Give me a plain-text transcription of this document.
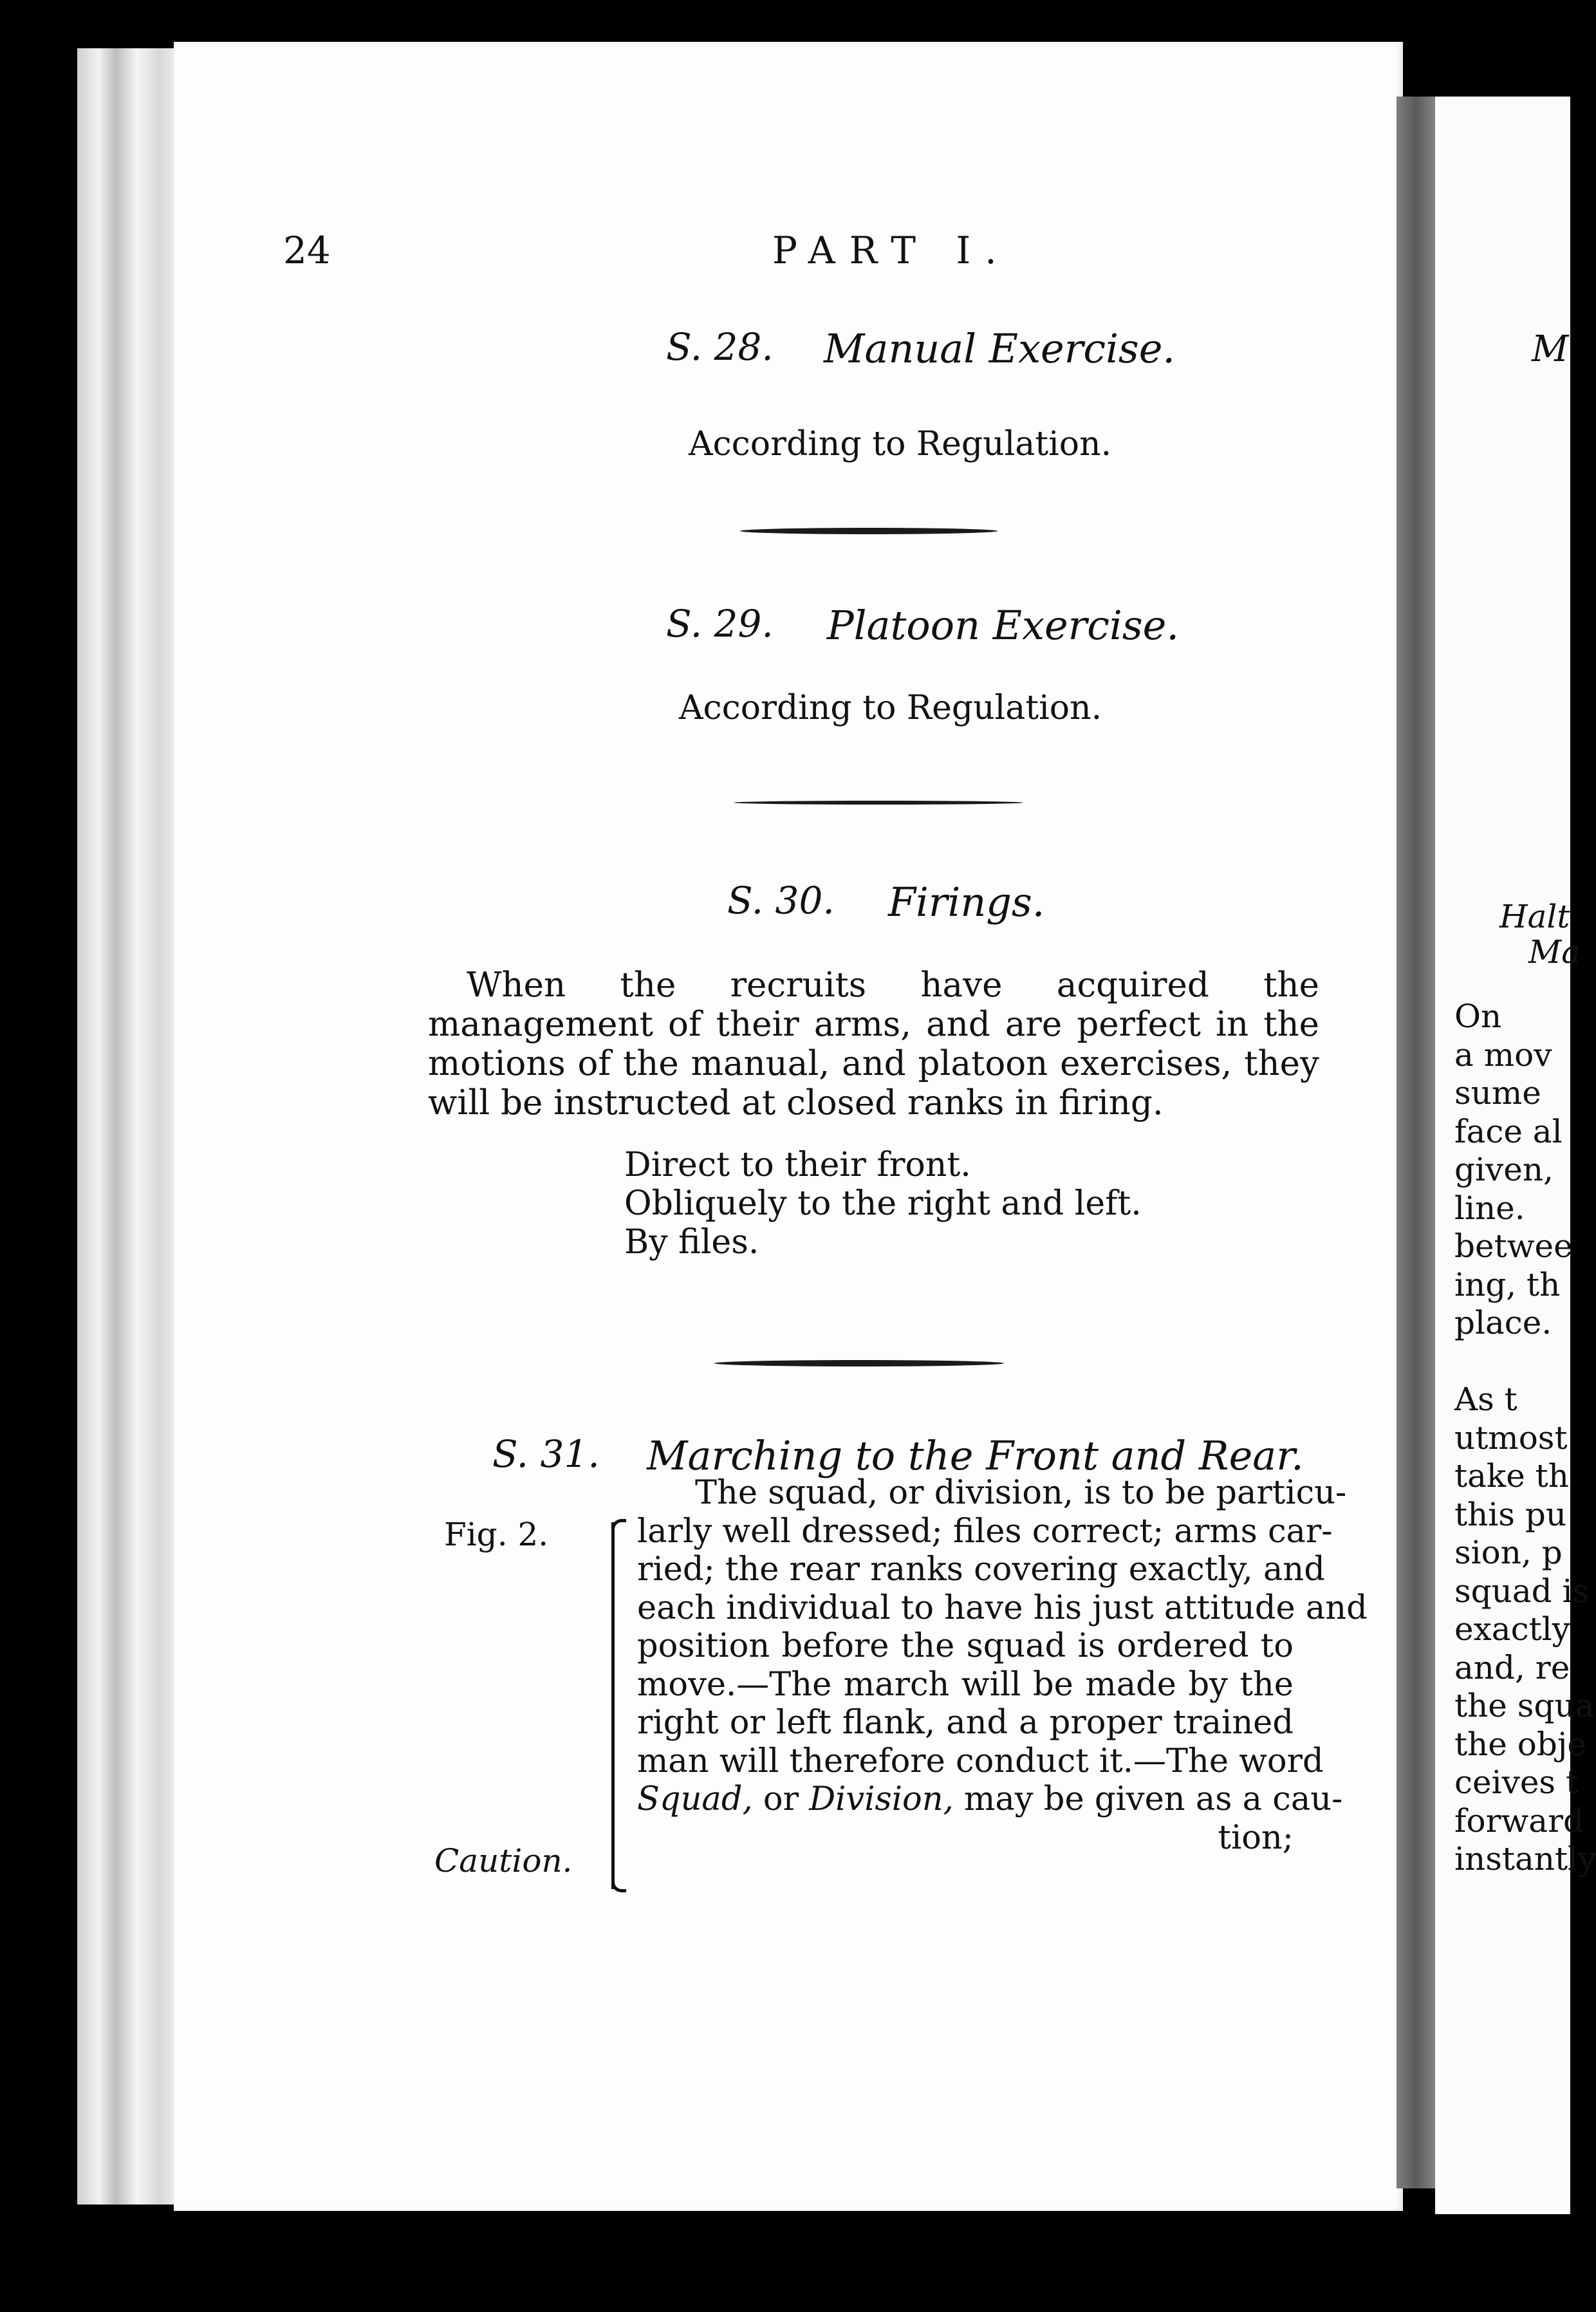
M
Halt
Ma
On
a mov
sume
face al
given,
line.
betwee
ing, th
place.
As t
utmost
take th
this pu
sion, p
squad is
exactly
and, re
the squa
the obje
ceives t
forward
instantly
24	PART I.
S. 28. Manual Exercise.
According to Regulation.
S. 29. Platoon Exercise.
According to Regulation.
S. 30. Firings.
When the recruits have acquired the management of their arms, and are perfect in the motions of the manual, and platoon exercises, they will be instructed at closed ranks in firing.
Direct to their front.
Obliquely to the right and left.
By files.
S. 31. Marching to the Front and Rear.
Fig. 2.
Caution.
The squad, or division, is to be particu-
larly well dressed; files correct; arms car-
ried; the rear ranks covering exactly, and
each individual to have his just attitude and
position before the squad is ordered to
move.—The march will be made by the
right or left flank, and a proper trained
man will therefore conduct it.—The word
Squad, or Division, may be given as a cau-
tion;
